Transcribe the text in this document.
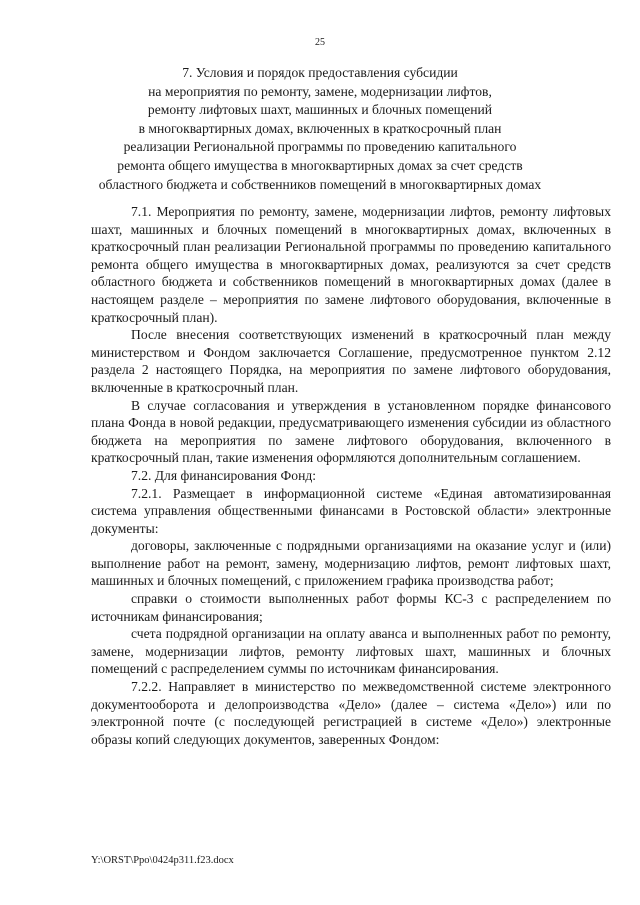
25
7. Условия и порядок предоставления субсидии
на мероприятия по ремонту, замене, модернизации лифтов,
ремонту лифтовых шахт, машинных и блочных помещений
в многоквартирных домах, включенных в краткосрочный план
реализации Региональной программы по проведению капитального
ремонта общего имущества в многоквартирных домах за счет средств
областного бюджета и собственников помещений в многоквартирных домах

7.1. Мероприятия по ремонту, замене, модернизации лифтов, ремонту лифтовых шахт, машинных и блочных помещений в многоквартирных домах, включенных в краткосрочный план реализации Региональной программы по проведению капитального ремонта общего имущества в многоквартирных домах, реализуются за счет средств областного бюджета и собственников помещений в многоквартирных домах (далее в настоящем разделе – мероприятия по замене лифтового оборудования, включенные в краткосрочный план).

После внесения соответствующих изменений в краткосрочный план между министерством и Фондом заключается Соглашение, предусмотренное пунктом 2.12 раздела 2 настоящего Порядка, на мероприятия по замене лифтового оборудования, включенные в краткосрочный план.

В случае согласования и утверждения в установленном порядке финансового плана Фонда в новой редакции, предусматривающего изменения субсидии из областного бюджета на мероприятия по замене лифтового оборудования, включенного в краткосрочный план, такие изменения оформляются дополнительным соглашением.

7.2. Для финансирования Фонд:

7.2.1. Размещает в информационной системе «Единая автоматизированная система управления общественными финансами в Ростовской области» электронные документы:

договоры, заключенные с подрядными организациями на оказание услуг и (или) выполнение работ на ремонт, замену, модернизацию лифтов, ремонт лифтовых шахт, машинных и блочных помещений, с приложением графика производства работ;

справки о стоимости выполненных работ формы КС-3 с распределением по источникам финансирования;

счета подрядной организации на оплату аванса и выполненных работ по ремонту, замене, модернизации лифтов, ремонту лифтовых шахт, машинных и блочных помещений с распределением суммы по источникам финансирования.

7.2.2. Направляет в министерство по межведомственной системе электронного документооборота и делопроизводства «Дело» (далее – система «Дело») или по электронной почте (с последующей регистрацией в системе «Дело») электронные образы копий следующих документов, заверенных Фондом:

Y:\ORST\Ppo\0424p311.f23.docx
